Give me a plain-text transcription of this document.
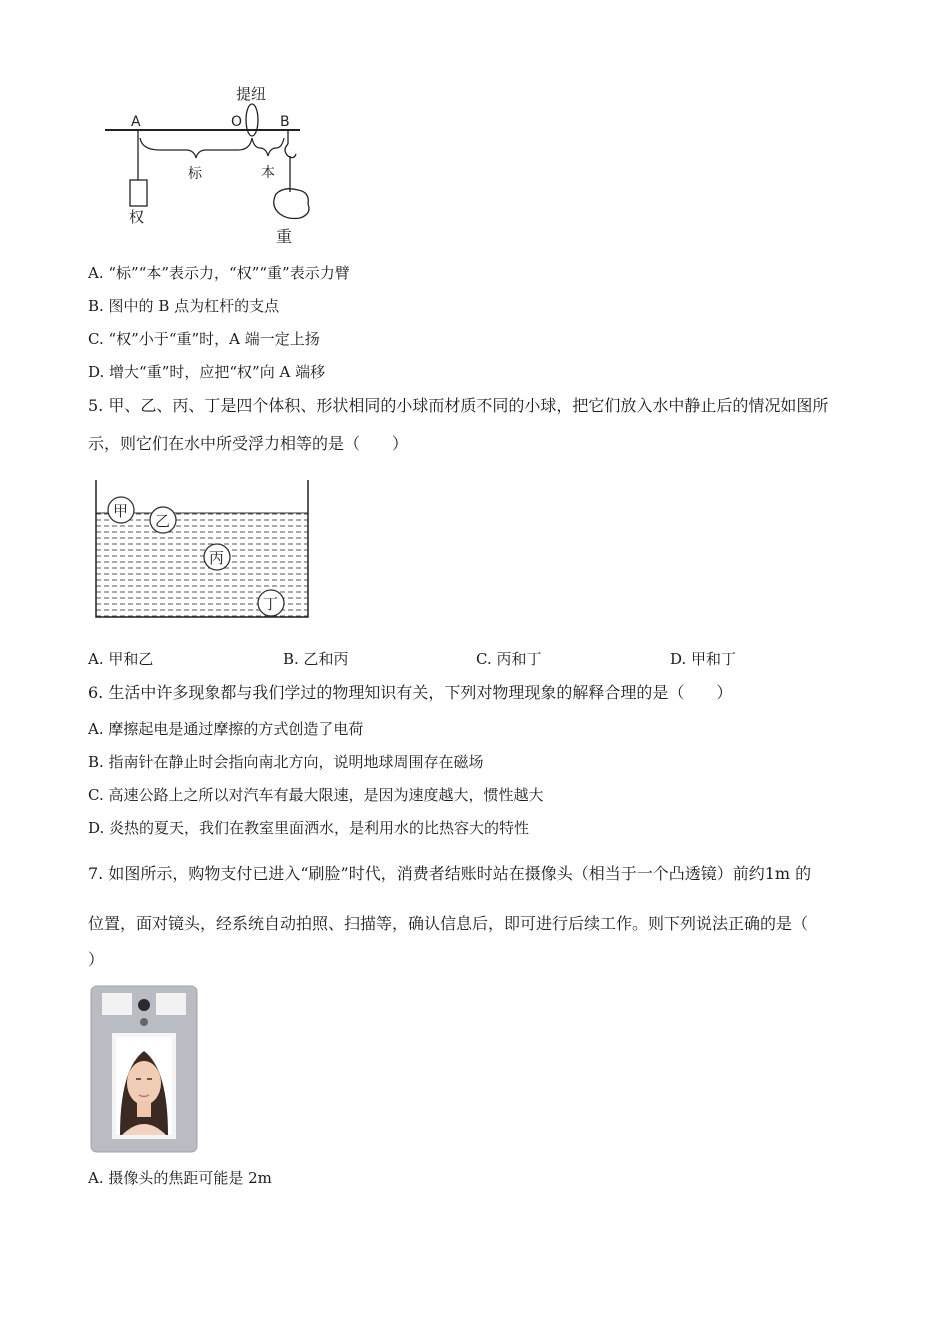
提纽
A	O	B
权
标	本
重
A. “标”“本”表示力，“权”“重”表示力臂
B. 图中的 B 点为杠杆的支点
C. “权”小于“重”时，A 端一定上扬
D. 增大“重”时，应把“权”向 A 端移
5. 甲、乙、丙、丁是四个体积、形状相同的小球而材质不同的小球，把它们放入水中静止后的情况如图所
示，则它们在水中所受浮力相等的是（　　）
甲
乙
丙
丁
A. 甲和乙	B. 乙和丙	C. 丙和丁	D. 甲和丁
6. 生活中许多现象都与我们学过的物理知识有关，下列对物理现象的解释合理的是（　　）
A. 摩擦起电是通过摩擦的方式创造了电荷
B. 指南针在静止时会指向南北方向，说明地球周围存在磁场
C. 高速公路上之所以对汽车有最大限速，是因为速度越大，惯性越大
D. 炎热的夏天，我们在教室里面洒水，是利用水的比热容大的特性
7. 如图所示，购物支付已进入“刷脸”时代，消费者结账时站在摄像头（相当于一个凸透镜）前约1m 的
位置，面对镜头，经系统自动拍照、扫描等，确认信息后，即可进行后续工作。则下列说法正确的是（
）
A. 摄像头的焦距可能是 2m
